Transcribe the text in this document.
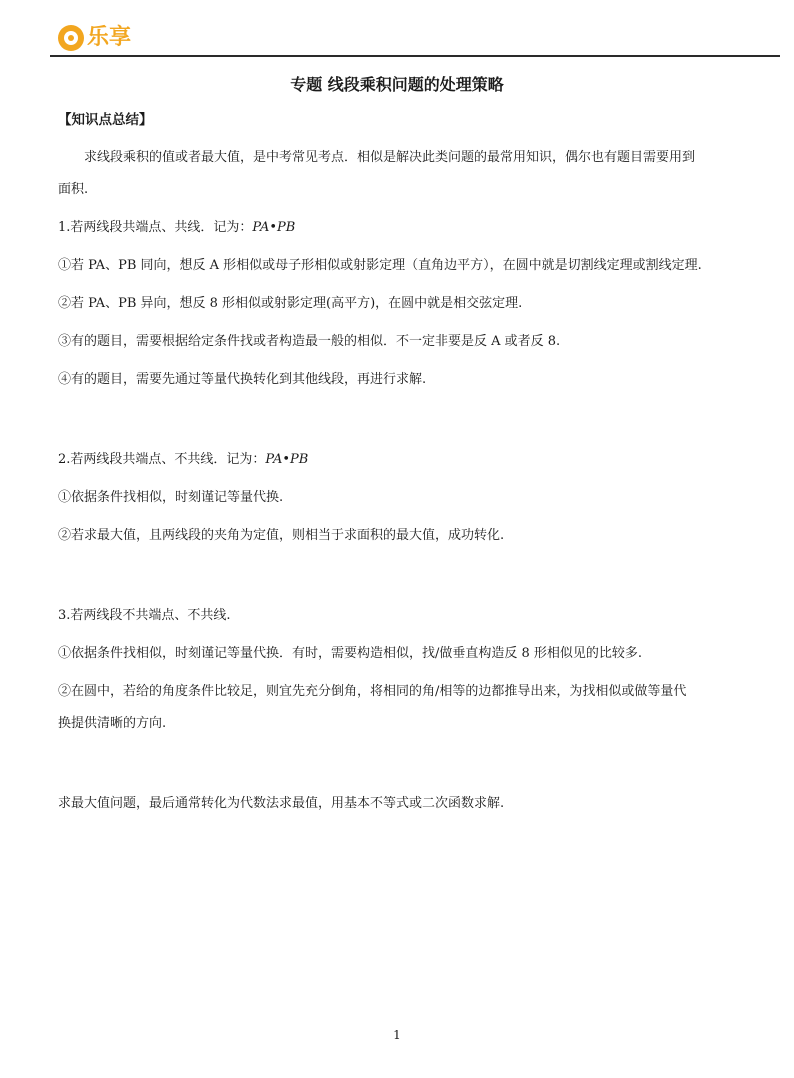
乐享
专题 线段乘积问题的处理策略

【知识点总结】

　　求线段乘积的值或者最大值，是中考常见考点．相似是解决此类问题的最常用知识，偶尔也有题目需要用到

面积.

1.若两线段共端点、共线．记为：PA•PB

①若 PA、PB 同向，想反 A 形相似或母子形相似或射影定理（直角边平方），在圆中就是切割线定理或割线定理.

②若 PA、PB 异向，想反 8 形相似或射影定理(高平方)，在圆中就是相交弦定理.

③有的题目，需要根据给定条件找或者构造最一般的相似．不一定非要是反 A 或者反 8.

④有的题目，需要先通过等量代换转化到其他线段，再进行求解.

2.若两线段共端点、不共线．记为：PA•PB

①依据条件找相似，时刻谨记等量代换.

②若求最大值，且两线段的夹角为定值，则相当于求面积的最大值，成功转化.

3.若两线段不共端点、不共线.

①依据条件找相似，时刻谨记等量代换．有时，需要构造相似，找/做垂直构造反 8 形相似见的比较多.

②在圆中，若给的角度条件比较足，则宜先充分倒角，将相同的角/相等的边都推导出来，为找相似或做等量代

换提供清晰的方向.

求最大值问题，最后通常转化为代数法求最值，用基本不等式或二次函数求解.

1
